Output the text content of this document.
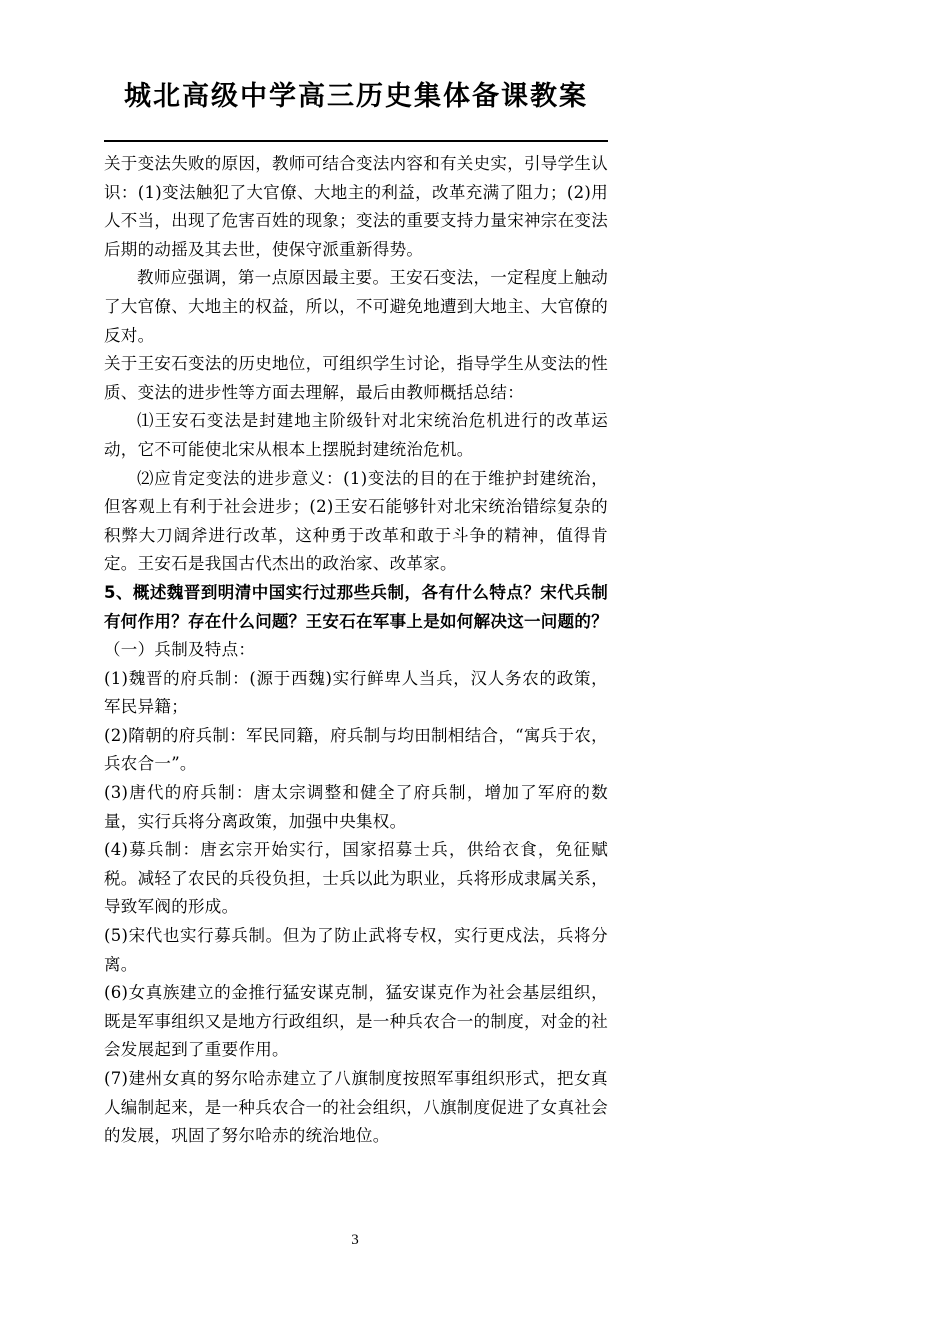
城北高级中学高三历史集体备课教案

关于变法失败的原因，教师可结合变法内容和有关史实，引导学生认识：(1)变法触犯了大官僚、大地主的利益，改革充满了阻力；(2)用人不当，出现了危害百姓的现象；变法的重要支持力量宋神宗在变法后期的动摇及其去世，使保守派重新得势。

教师应强调，第一点原因最主要。王安石变法，一定程度上触动了大官僚、大地主的权益，所以，不可避免地遭到大地主、大官僚的反对。

关于王安石变法的历史地位，可组织学生讨论，指导学生从变法的性质、变法的进步性等方面去理解，最后由教师概括总结：

⑴王安石变法是封建地主阶级针对北宋统治危机进行的改革运动，它不可能使北宋从根本上摆脱封建统治危机。

⑵应肯定变法的进步意义：(1)变法的目的在于维护封建统治，但客观上有利于社会进步；(2)王安石能够针对北宋统治错综复杂的积弊大刀阔斧进行改革，这种勇于改革和敢于斗争的精神，值得肯定。王安石是我国古代杰出的政治家、改革家。

5、概述魏晋到明清中国实行过那些兵制，各有什么特点？宋代兵制有何作用？存在什么问题？王安石在军事上是如何解决这一问题的？

（一）兵制及特点：

(1)魏晋的府兵制：(源于西魏)实行鲜卑人当兵，汉人务农的政策，军民异籍；

(2)隋朝的府兵制：军民同籍，府兵制与均田制相结合，“寓兵于农，兵农合一”。

(3)唐代的府兵制：唐太宗调整和健全了府兵制，增加了军府的数量，实行兵将分离政策，加强中央集权。

(4)募兵制：唐玄宗开始实行，国家招募士兵，供给衣食，免征赋税。减轻了农民的兵役负担，士兵以此为职业，兵将形成隶属关系，导致军阀的形成。

(5)宋代也实行募兵制。但为了防止武将专权，实行更戍法，兵将分离。

(6)女真族建立的金推行猛安谋克制，猛安谋克作为社会基层组织，既是军事组织又是地方行政组织，是一种兵农合一的制度，对金的社会发展起到了重要作用。

(7)建州女真的努尔哈赤建立了八旗制度按照军事组织形式，把女真人编制起来，是一种兵农合一的社会组织，八旗制度促进了女真社会的发展，巩固了努尔哈赤的统治地位。

3
